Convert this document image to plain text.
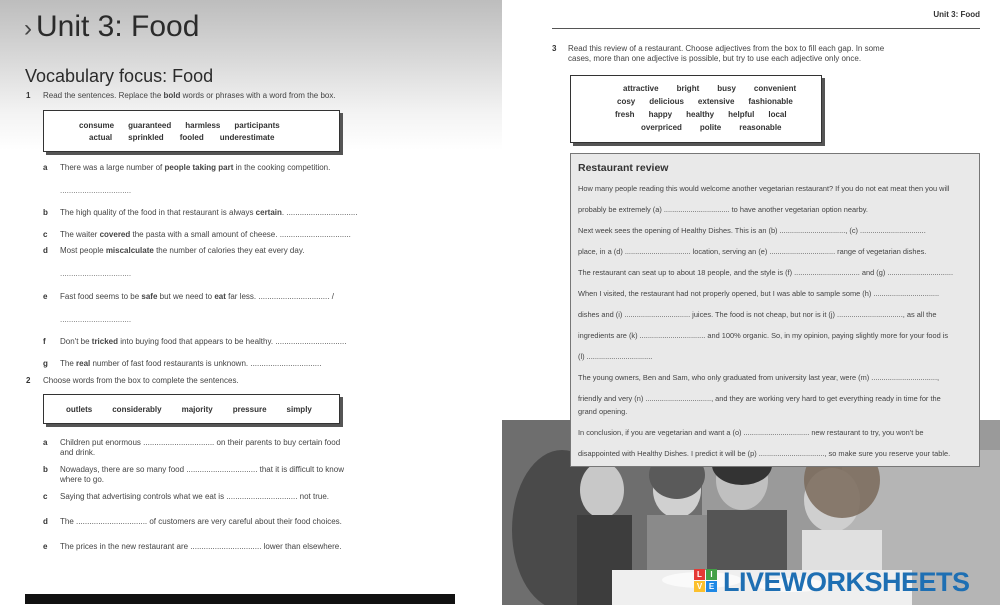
› Unit 3: Food
Vocabulary focus: Food
1 Read the sentences. Replace the bold words or phrases with a word from the box.
consume guaranteed harmless participants
actual sprinkled fooled underestimate
a There was a large number of people taking part in the cooking competition.
................................
b The high quality of the food in that restaurant is always certain. ................................
c The waiter covered the pasta with a small amount of cheese. ................................
d Most people miscalculate the number of calories they eat every day.
................................
e Fast food seems to be safe but we need to eat far less. ................................ /
................................
f Don't be tricked into buying food that appears to be healthy. ................................
g The real number of fast food restaurants is unknown. ................................
2 Choose words from the box to complete the sentences.
outlets	considerably	majority	pressure	simply
a Children put enormous ................................ on their parents to buy certain food
and drink.
b Nowadays, there are so many food ................................ that it is difficult to know
where to go.
c Saying that advertising controls what we eat is ................................ not true.
d The ................................ of customers are very careful about their food choices.
e The prices in the new restaurant are ................................ lower than elsewhere.
Unit 3: Food
3 Read this review of a restaurant. Choose adjectives from the box to fill each gap. In some
cases, more than one adjective is possible, but try to use each adjective only once.
attractive bright busy convenient
cosy delicious extensive fashionable
fresh happy healthy helpful local
overpriced polite reasonable
Restaurant review
How many people reading this would welcome another vegetarian restaurant? If you do not eat meat then you will
probably be extremely (a) ................................ to have another vegetarian option nearby.
Next week sees the opening of Healthy Dishes. This is an (b) ................................, (c) ................................
place, in a (d) ................................ location, serving an (e) ................................ range of vegetarian dishes.
The restaurant can seat up to about 18 people, and the style is (f) ................................ and (g) ................................
When I visited, the restaurant had not properly opened, but I was able to sample some (h) ................................
dishes and (i) ................................ juices. The food is not cheap, but nor is it (j) ................................, as all the
ingredients are (k) ................................ and 100% organic. So, in my opinion, paying slightly more for your food is
(l) ................................
The young owners, Ben and Sam, who only graduated from university last year, were (m) ................................,
friendly and very (n) ................................, and they are working very hard to get everything ready in time for the
grand opening.
In conclusion, if you are vegetarian and want a (o) ................................ new restaurant to try, you won't be
disappointed with Healthy Dishes. I predict it will be (p) ................................, so make sure you reserve your table.
L	I
V E LIVEWORKSHEETS
